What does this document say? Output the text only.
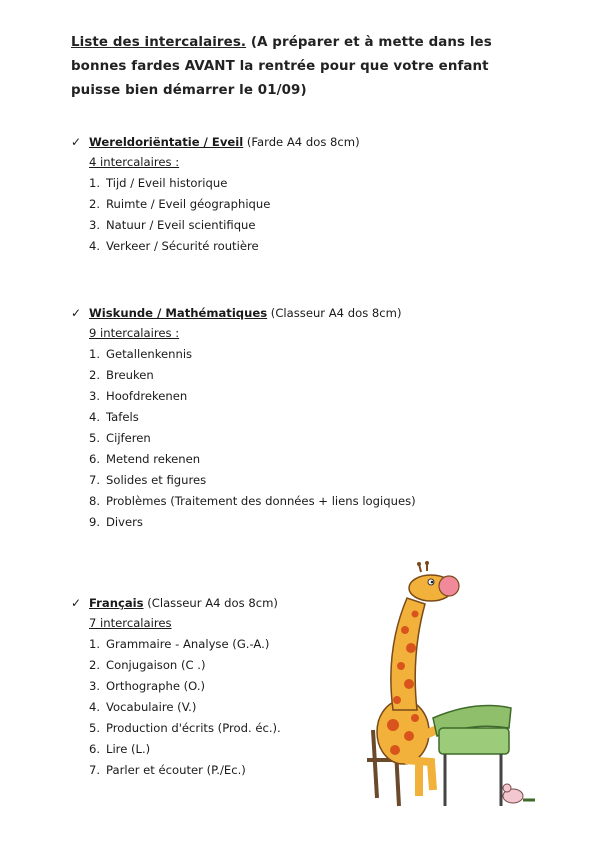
Liste des intercalaires. (A préparer et à mette dans les bonnes fardes AVANT la rentrée pour que votre enfant puisse bien démarrer le 01/09)
✓ Wereldoriëntatie / Eveil (Farde A4 dos 8cm)
4 intercalaires :
1. Tijd / Eveil historique
2. Ruimte / Eveil géographique
3. Natuur / Eveil scientifique
4. Verkeer / Sécurité routière
✓ Wiskunde / Mathématiques (Classeur A4 dos 8cm)
9 intercalaires :
1. Getallenkennis
2. Breuken
3. Hoofdrekenen
4. Tafels
5. Cijferen
6. Metend rekenen
7. Solides et figures
8. Problèmes (Traitement des données + liens logiques)
9. Divers
✓ Français (Classeur A4 dos 8cm)
7 intercalaires
1. Grammaire - Analyse (G.-A.)
2. Conjugaison (C .)
3. Orthographe (O.)
4. Vocabulaire (V.)
5. Production d'écrits (Prod. éc.).
6. Lire (L.)
7. Parler et écouter (P./Ec.)
